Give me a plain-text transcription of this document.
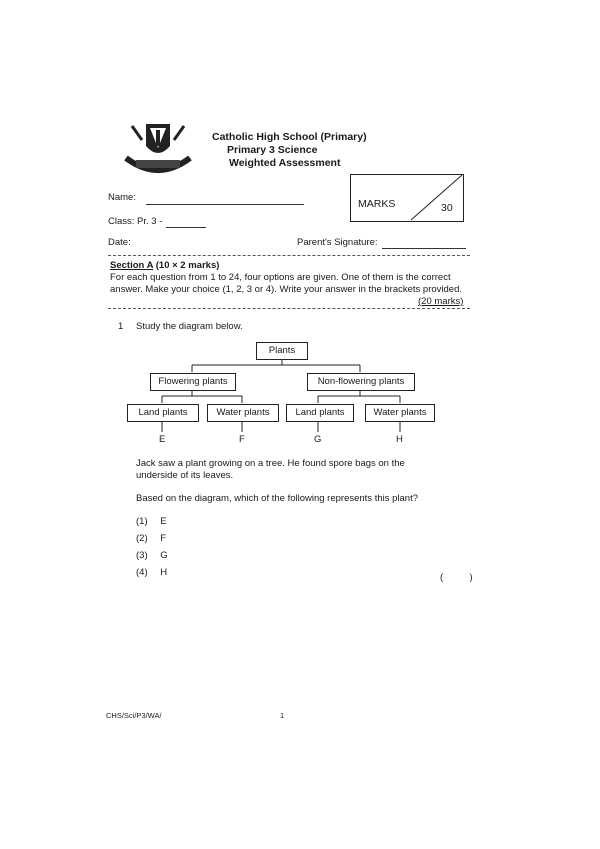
Catholic High School (Primary)
Primary 3 Science
Weighted Assessment
Name:
Class: Pr. 3 -
Date:	Parent's Signature:
MARKS	30
Section A (10 × 2 marks)
For each question from 1 to 24, four options are given. One of them is the correct
answer. Make your choice (1, 2, 3 or 4). Write your answer in the brackets provided.
(20 marks)
1 Study the diagram below.
Plants
Flowering plants	Non-flowering plants
Land plants	Water plants	Land plants	Water plants
E	F	G	H
Jack saw a plant growing on a tree. He found spore bags on the
underside of its leaves.
Based on the diagram, which of the following represents this plant?
(1) E
(2) F
(3) G
(4) H	(          )
CHS/Sci/P3/WA/	1
